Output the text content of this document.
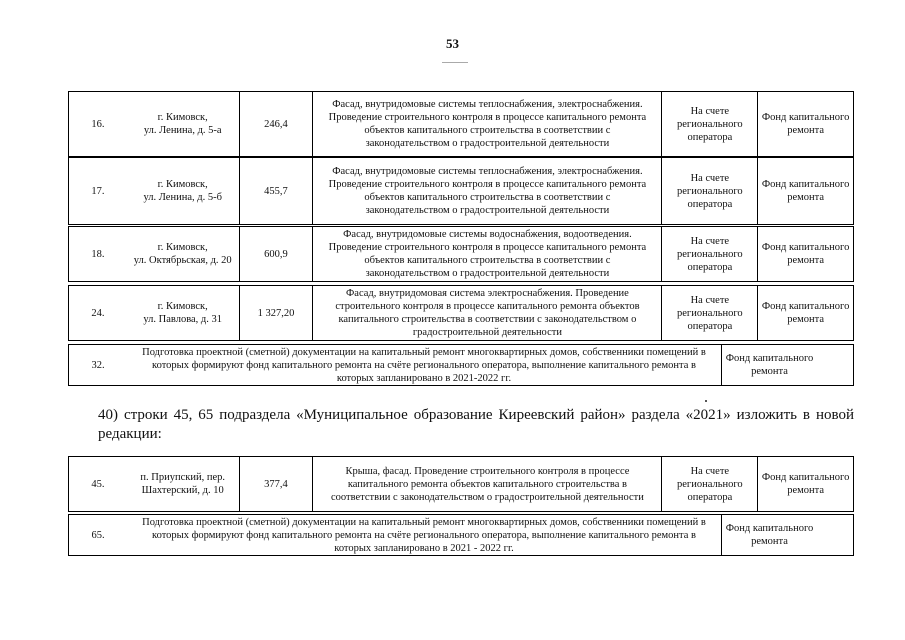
53
16.
г. Кимовск,
ул. Ленина, д. 5-а
246,4
Фасад, внутридомовые системы теплоснабжения, электроснабжения. Проведение строительного контроля в процессе капитального ремонта объектов капитального строительства в соответствии с законодательством о градостроительной деятельности
На счете регионального оператора
Фонд капитального ремонта
17.
г. Кимовск,
ул. Ленина, д. 5-б
455,7
Фасад, внутридомовые системы теплоснабжения, электроснабжения. Проведение строительного контроля в процессе капитального ремонта объектов капитального строительства в соответствии с законодательством о градостроительной деятельности
На счете регионального оператора
Фонд капитального ремонта
18.
г. Кимовск,
ул. Октябрьская, д. 20
600,9
Фасад, внутридомовые системы водоснабжения, водоотведения. Проведение строительного контроля в процессе капитального ремонта объектов капитального строительства в соответствии с законодательством о градостроительной деятельности
На счете регионального оператора
Фонд капитального ремонта
24.
г. Кимовск,
ул. Павлова, д. 31
1 327,20
Фасад, внутридомовая система электроснабжения. Проведение строительного контроля в процессе капитального ремонта объектов капитального строительства в соответствии с законодательством о градостроительной деятельности
На счете регионального оператора
Фонд капитального ремонта
32.
Подготовка проектной (сметной) документации на капитальный ремонт многоквартирных домов, собственники помещений в которых формируют фонд капитального ремонта на счёте регионального оператора, выполнение капитального ремонта в которых запланировано в 2021-2022 гг.
Фонд капитального ремонта
40) строки 45, 65 подраздела «Муниципальное образование Киреевский район» раздела «2021» изложить в новой редакции:
45.
п. Приупский, пер.
Шахтерский, д. 10
377,4
Крыша, фасад. Проведение строительного контроля в процессе капитального ремонта объектов капитального строительства в соответствии с законодательством о градостроительной деятельности
На счете регионального оператора
Фонд капитального ремонта
65.
Подготовка проектной (сметной) документации на капитальный ремонт многоквартирных домов, собственники помещений в которых формируют фонд капитального ремонта на счёте регионального оператора, выполнение капитального ремонта в которых запланировано в 2021 - 2022 гг.
Фонд капитального ремонта
